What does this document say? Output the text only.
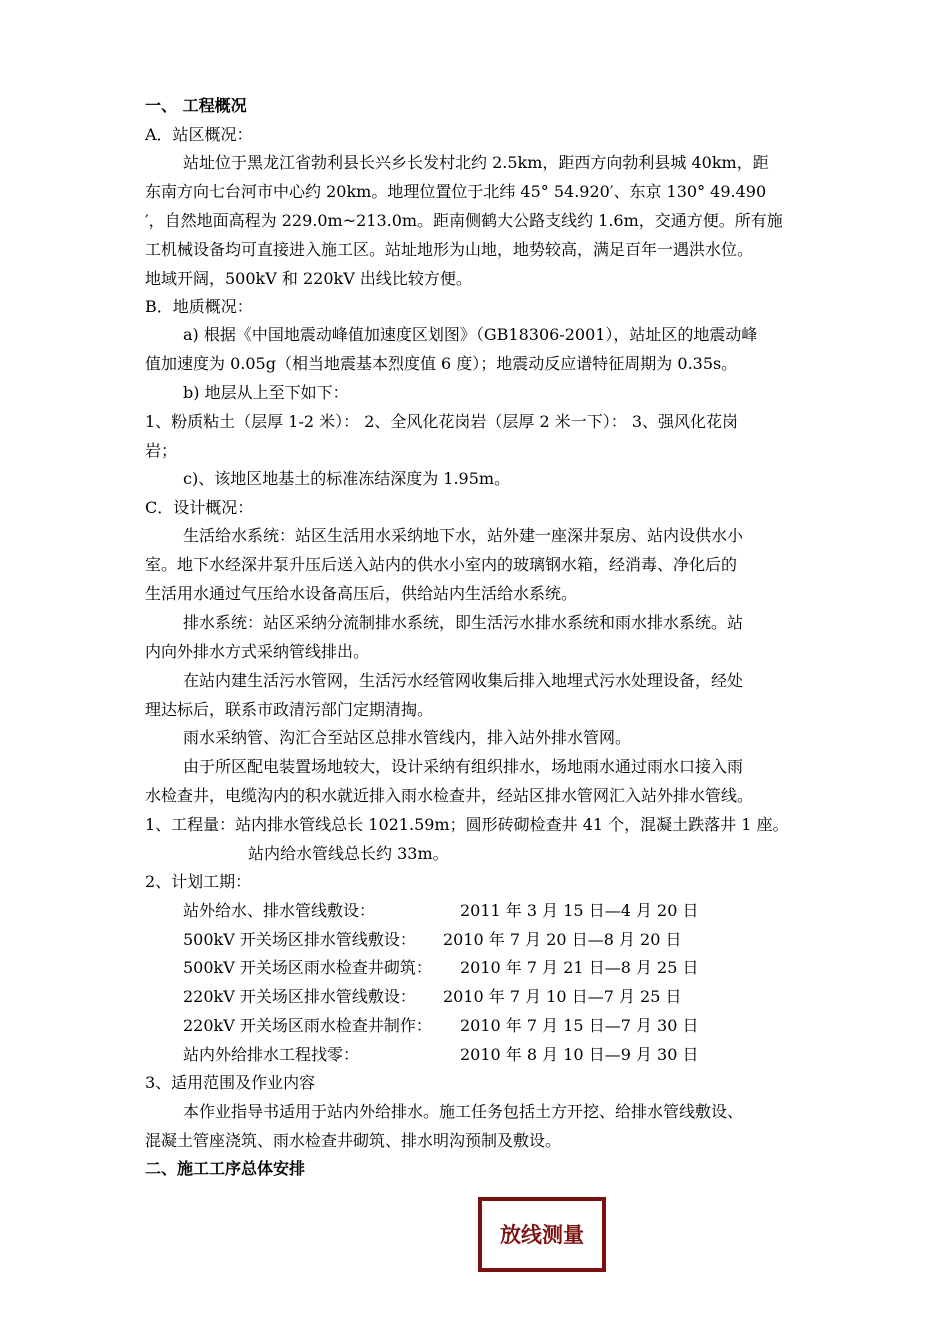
一、 工程概况
A．站区概况：
站址位于黑龙江省勃利县长兴乡长发村北约 2.5km，距西方向勃利县城 40km，距
东南方向七台河市中心约 20km。地理位置位于北纬 45° 54.920′、东京 130° 49.490
′，自然地面高程为 229.0m~213.0m。距南侧鹤大公路支线约 1.6m，交通方便。所有施
工机械设备均可直接进入施工区。站址地形为山地，地势较高，满足百年一遇洪水位。
地域开阔，500kV 和 220kV 出线比较方便。
B．地质概况：
a) 根据《中国地震动峰值加速度区划图》（GB18306-2001），站址区的地震动峰
值加速度为 0.05g（相当地震基本烈度值 6 度）；地震动反应谱特征周期为 0.35s。
b) 地层从上至下如下：
1、粉质粘土（层厚 1-2 米）： 2、全风化花岗岩（层厚 2 米一下）： 3、强风化花岗
岩；
c)、该地区地基土的标准冻结深度为 1.95m。
C．设计概况：
生活给水系统：站区生活用水采纳地下水，站外建一座深井泵房、站内设供水小
室。地下水经深井泵升压后送入站内的供水小室内的玻璃钢水箱，经消毒、净化后的
生活用水通过气压给水设备高压后，供给站内生活给水系统。
排水系统：站区采纳分流制排水系统，即生活污水排水系统和雨水排水系统。站
内向外排水方式采纳管线排出。
在站内建生活污水管网，生活污水经管网收集后排入地埋式污水处理设备，经处
理达标后，联系市政清污部门定期清掏。
雨水采纳管、沟汇合至站区总排水管线内，排入站外排水管网。
由于所区配电装置场地较大，设计采纳有组织排水，场地雨水通过雨水口接入雨
水检查井，电缆沟内的积水就近排入雨水检查井，经站区排水管网汇入站外排水管线。
1、工程量：站内排水管线总长 1021.59m；圆形砖砌检查井 41 个，混凝土跌落井 1 座。
站内给水管线总长约 33m。
2、计划工期：
站外给水、排水管线敷设：	2011 年 3 月 15 日—4 月 20 日
500kV 开关场区排水管线敷设： 2010 年 7 月 20 日—8 月 20 日
500kV 开关场区雨水检查井砌筑： 2010 年 7 月 21 日—8 月 25 日
220kV 开关场区排水管线敷设： 2010 年 7 月 10 日—7 月 25 日
220kV 开关场区雨水检查井制作： 2010 年 7 月 15 日—7 月 30 日
站内外给排水工程找零：	2010 年 8 月 10 日—9 月 30 日
3、适用范围及作业内容
本作业指导书适用于站内外给排水。施工任务包括土方开挖、给排水管线敷设、
混凝土管座浇筑、雨水检查井砌筑、排水明沟预制及敷设。
二、施工工序总体安排
放线测量
